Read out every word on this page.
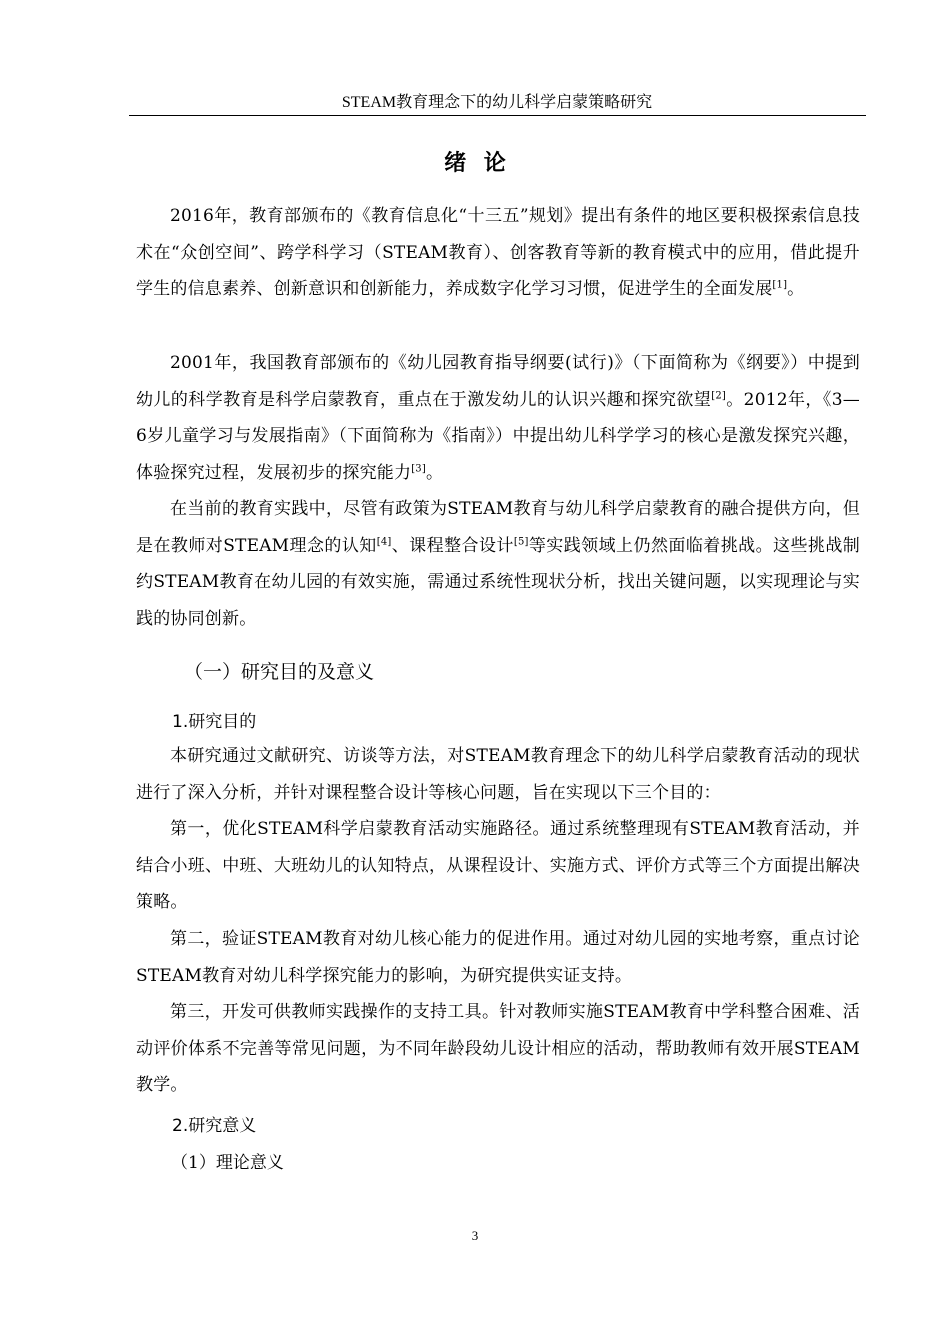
STEAM教育理念下的幼儿科学启蒙策略研究
绪论

2016年，教育部颁布的《教育信息化“十三五”规划》提出有条件的地区要积极探索信息技术在“众创空间”、跨学科学习（STEAM教育）、创客教育等新的教育模式中的应用，借此提升学生的信息素养、创新意识和创新能力，养成数字化学习习惯，促进学生的全面发展[1]。

2001年，我国教育部颁布的《幼儿园教育指导纲要(试行)》（下面简称为《纲要》）中提到幼儿的科学教育是科学启蒙教育，重点在于激发幼儿的认识兴趣和探究欲望[2]。2012年，《3—6岁儿童学习与发展指南》（下面简称为《指南》）中提出幼儿科学学习的核心是激发探究兴趣，体验探究过程，发展初步的探究能力[3]。

在当前的教育实践中，尽管有政策为STEAM教育与幼儿科学启蒙教育的融合提供方向，但是在教师对STEAM理念的认知[4]、课程整合设计[5]等实践领域上仍然面临着挑战。这些挑战制约STEAM教育在幼儿园的有效实施，需通过系统性现状分析，找出关键问题，以实现理论与实践的协同创新。

（一）研究目的及意义
1.研究目的

本研究通过文献研究、访谈等方法，对STEAM教育理念下的幼儿科学启蒙教育活动的现状进行了深入分析，并针对课程整合设计等核心问题，旨在实现以下三个目的：

第一，优化STEAM科学启蒙教育活动实施路径。通过系统整理现有STEAM教育活动，并结合小班、中班、大班幼儿的认知特点，从课程设计、实施方式、评价方式等三个方面提出解决策略。

第二，验证STEAM教育对幼儿核心能力的促进作用。通过对幼儿园的实地考察，重点讨论STEAM教育对幼儿科学探究能力的影响，为研究提供实证支持。

第三，开发可供教师实践操作的支持工具。针对教师实施STEAM教育中学科整合困难、活动评价体系不完善等常见问题，为不同年龄段幼儿设计相应的活动，帮助教师有效开展STEAM教学。

2.研究意义
（1）理论意义
3
